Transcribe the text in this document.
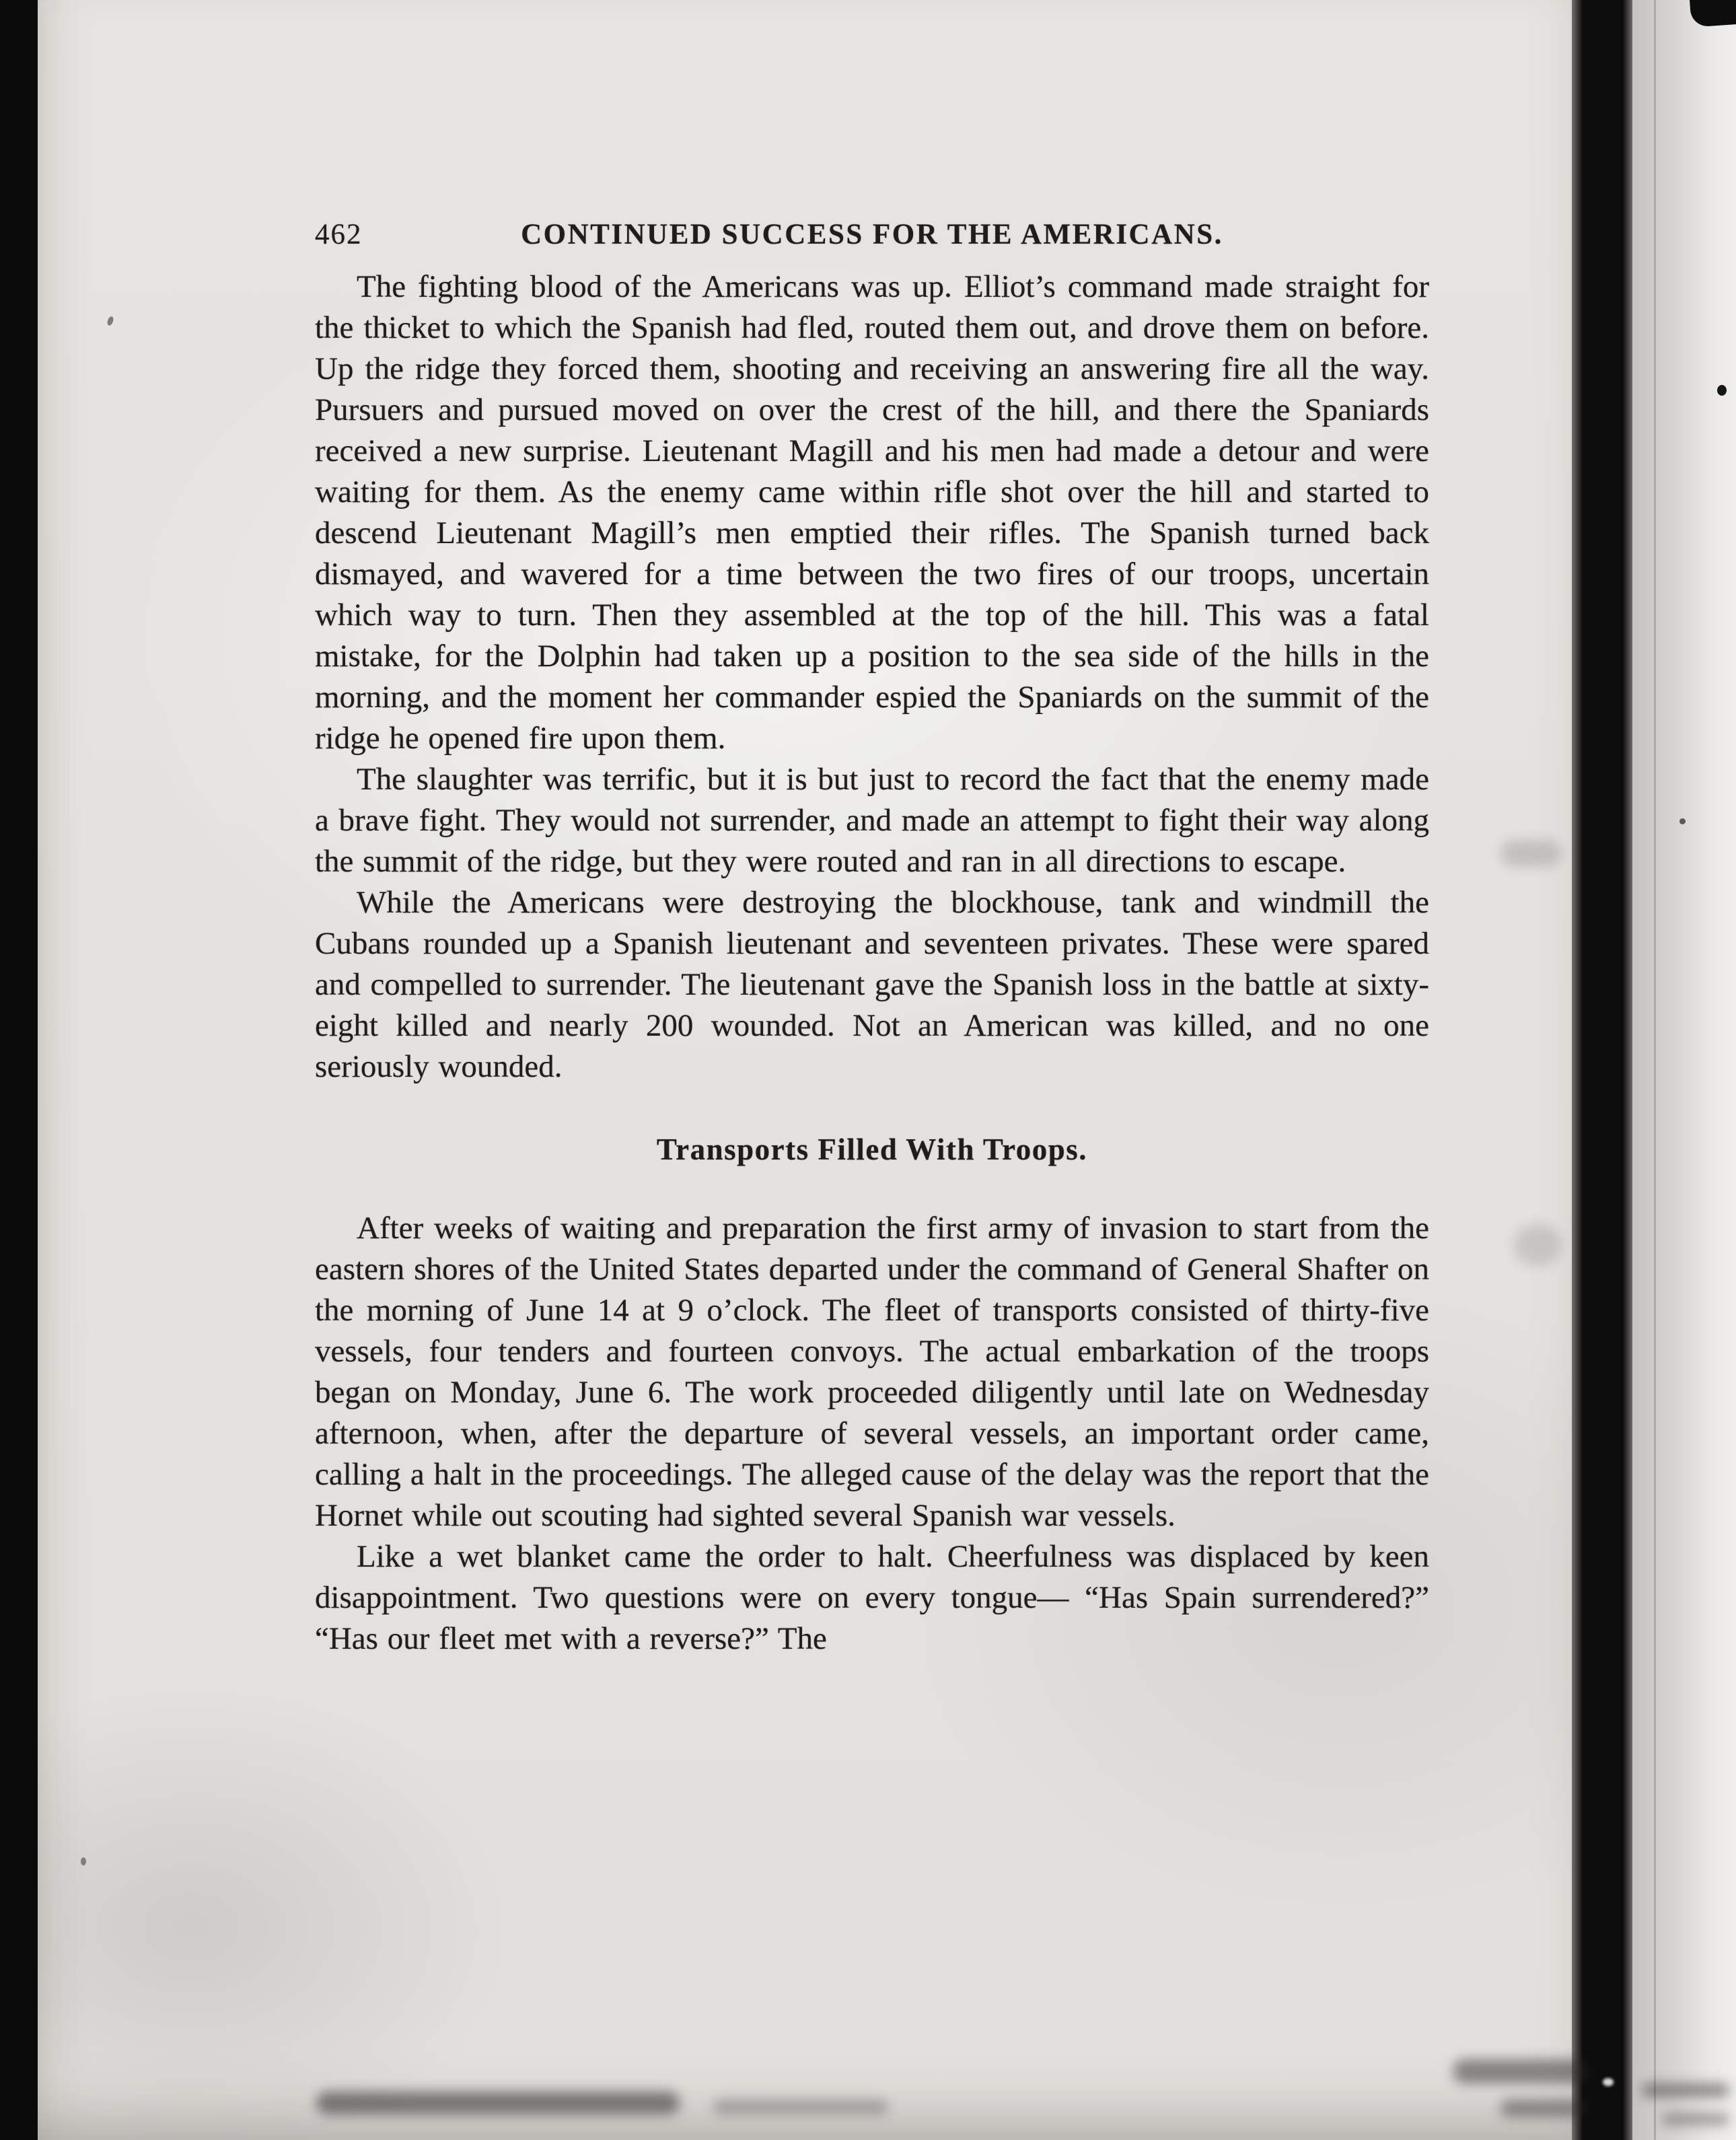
462	CONTINUED SUCCESS FOR THE AMERICANS.

The fighting blood of the Americans was up. Elliot’s command made straight for the thicket to which the Spanish had fled, routed them out, and drove them on before. Up the ridge they forced them, shooting and receiving an answering fire all the way. Pursuers and pursued moved on over the crest of the hill, and there the Spaniards received a new surprise. Lieutenant Magill and his men had made a detour and were waiting for them. As the enemy came within rifle shot over the hill and started to descend Lieutenant Magill’s men emptied their rifles. The Spanish turned back dismayed, and wavered for a time between the two fires of our troops, uncertain which way to turn. Then they assembled at the top of the hill. This was a fatal mistake, for the Dolphin had taken up a position to the sea side of the hills in the morning, and the moment her commander espied the Spaniards on the summit of the ridge he opened fire upon them.

The slaughter was terrific, but it is but just to record the fact that the enemy made a brave fight. They would not surrender, and made an attempt to fight their way along the summit of the ridge, but they were routed and ran in all directions to escape.

While the Americans were destroying the blockhouse, tank and windmill the Cubans rounded up a Spanish lieutenant and seventeen privates. These were spared and compelled to surrender. The lieutenant gave the Spanish loss in the battle at sixty-eight killed and nearly 200 wounded. Not an American was killed, and no one seriously wounded.

Transports Filled With Troops.

After weeks of waiting and preparation the first army of invasion to start from the eastern shores of the United States departed under the command of General Shafter on the morning of June 14 at 9 o’clock. The fleet of transports consisted of thirty-five vessels, four tenders and fourteen convoys. The actual embarkation of the troops began on Monday, June 6. The work proceeded diligently until late on Wednesday afternoon, when, after the departure of several vessels, an important order came, calling a halt in the proceedings. The alleged cause of the delay was the report that the Hornet while out scouting had sighted several Spanish war vessels.

Like a wet blanket came the order to halt. Cheerfulness was displaced by keen disappointment. Two questions were on every tongue— “Has Spain surrendered?” “Has our fleet met with a reverse?” The
